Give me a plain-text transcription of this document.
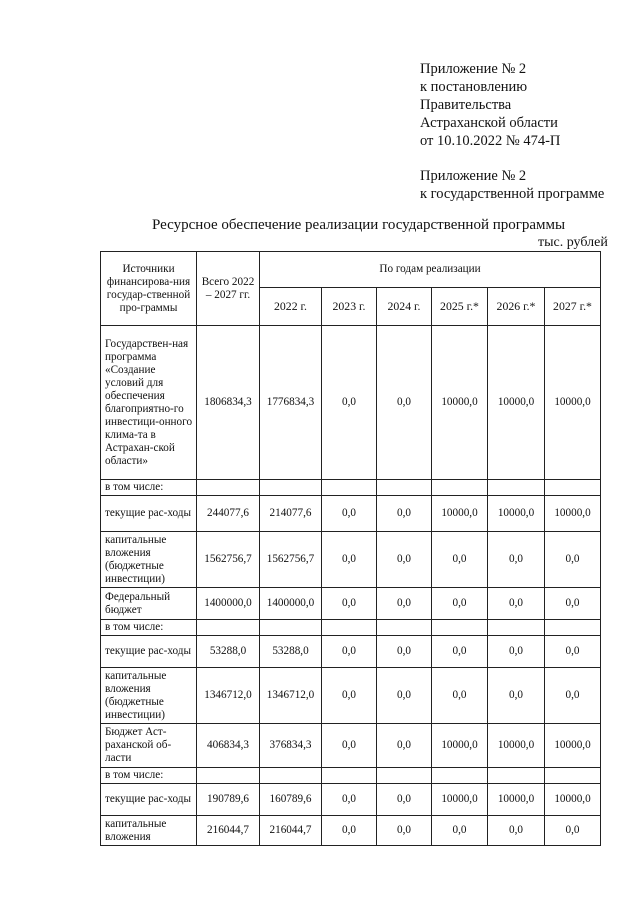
Приложение № 2
к постановлению
Правительства
Астраханской области
от 10.10.2022 № 474-П
Приложение № 2
к государственной программе
Ресурсное обеспечение реализации государственной программы
тыс. рублей
Источники финансирова-ния государ-ственной про-граммы	Всего 2022 – 2027 гг.	По годам реализации					
		2022 г.	2023 г.	2024 г.	2025 г.*	2026 г.*	2027 г.*
Государствен-ная программа «Создание условий для обеспечения благоприятно-го инвестици-онного клима-та в Астрахан-ской области»	1806834,3	1776834,3	0,0	0,0	10000,0	10000,0	10000,0
в том числе:							
текущие рас-ходы	244077,6	214077,6	0,0	0,0	10000,0	10000,0	10000,0
капитальные вложения (бюджетные инвестиции)	1562756,7	1562756,7	0,0	0,0	0,0	0,0	0,0
Федеральный бюджет	1400000,0	1400000,0	0,0	0,0	0,0	0,0	0,0
в том числе:							
текущие рас-ходы	53288,0	53288,0	0,0	0,0	0,0	0,0	0,0
капитальные вложения (бюджетные инвестиции)	1346712,0	1346712,0	0,0	0,0	0,0	0,0	0,0
Бюджет Аст-раханской об-ласти	406834,3	376834,3	0,0	0,0	10000,0	10000,0	10000,0
в том числе:							
текущие рас-ходы	190789,6	160789,6	0,0	0,0	10000,0	10000,0	10000,0
капитальные вложения	216044,7	216044,7	0,0	0,0	0,0	0,0	0,0
